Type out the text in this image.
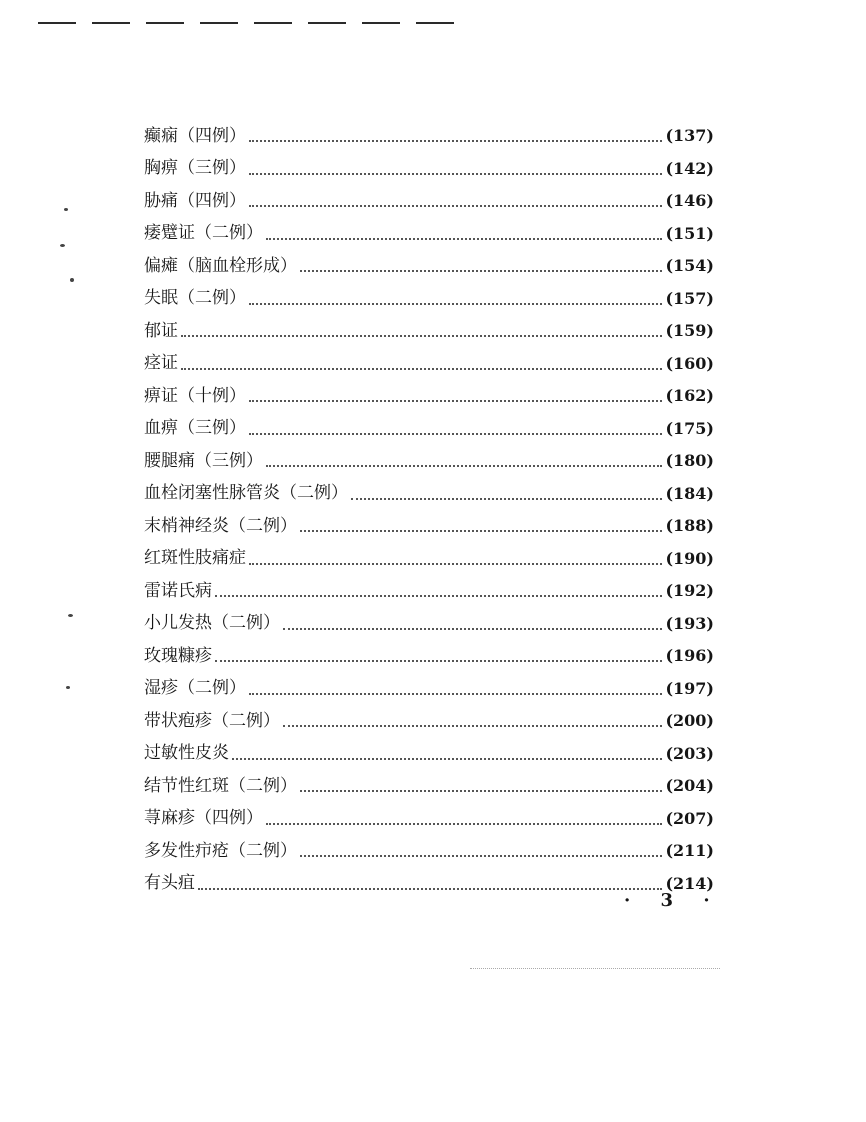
癫痫（四例）	(137)
胸痹（三例）	(142)
胁痛（四例）	(146)
痿躄证（二例）	(151)
偏瘫（脑血栓形成）	(154)
失眠（二例）	(157)
郁证	(159)
痉证	(160)
痹证（十例）	(162)
血痹（三例）	(175)
腰腿痛（三例）	(180)
血栓闭塞性脉管炎（二例）	(184)
末梢神经炎（二例）	(188)
红斑性肢痛症	(190)
雷诺氏病	(192)
小儿发热（二例）	(193)
玫瑰糠疹	(196)
湿疹（二例）	(197)
带状疱疹（二例）	(200)
过敏性皮炎	(203)
结节性红斑（二例）	(204)
荨麻疹（四例）	(207)
多发性疖疮（二例）	(211)
有头疽	(214)
· 3 ·
